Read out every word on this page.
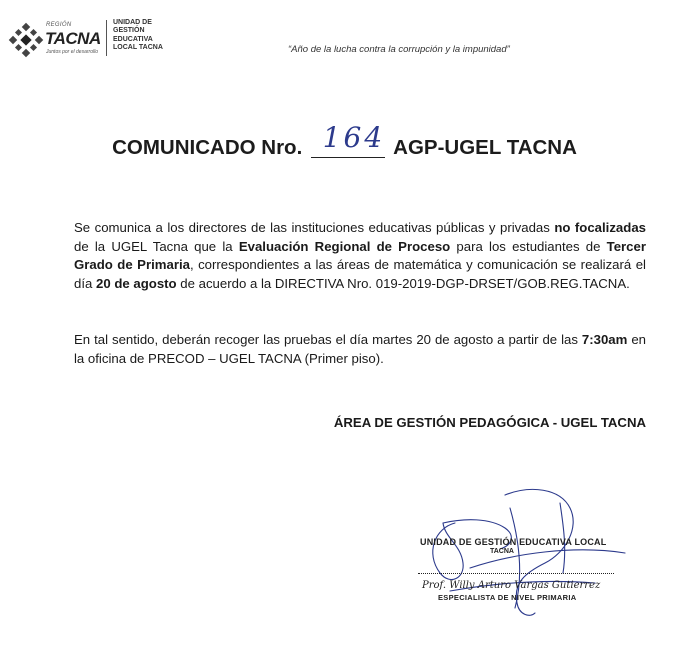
REGIÓN
TACNA
Juntos por el desarrollo
UNIDAD DE
GESTIÓN
EDUCATIVA
LOCAL TACNA	“Año de la lucha contra la corrupción y la impunidad”
COMUNICADO Nro. 164 AGP-UGEL TACNA
Se comunica a los directores de las instituciones educativas públicas y privadas no focalizadas de la UGEL Tacna que la Evaluación Regional de Proceso para los estudiantes de Tercer Grado de Primaria, correspondientes a las áreas de matemática y comunicación se realizará el día 20 de agosto de acuerdo a la DIRECTIVA Nro. 019-2019-DGP-DRSET/GOB.REG.TACNA.
En tal sentido, deberán recoger las pruebas el día martes 20 de agosto a partir de las 7:30am en la oficina de PRECOD – UGEL TACNA (Primer piso).
ÁREA DE GESTIÓN PEDAGÓGICA - UGEL TACNA
UNIDAD DE GESTIÓN EDUCATIVA LOCAL
TACNA
Prof. Willy Arturo Vargas Gutierrez
ESPECIALISTA DE NIVEL PRIMARIA
